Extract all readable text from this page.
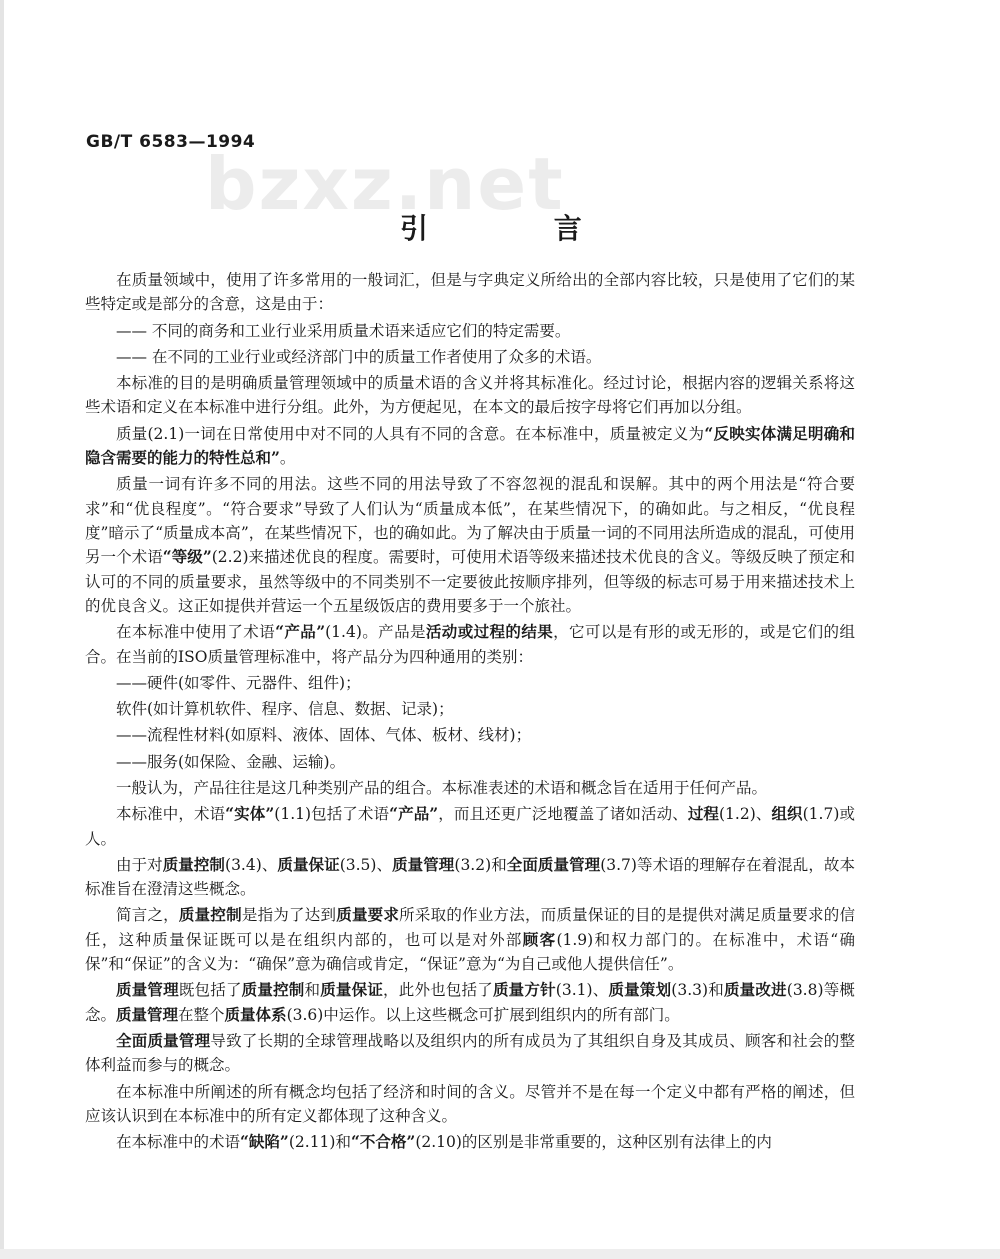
GB/T 6583—1994
bzxz.net
引 言

在质量领域中，使用了许多常用的一般词汇，但是与字典定义所给出的全部内容比较，只是使用了它们的某些特定或是部分的含意，这是由于：

—— 不同的商务和工业行业采用质量术语来适应它们的特定需要。

—— 在不同的工业行业或经济部门中的质量工作者使用了众多的术语。

本标准的目的是明确质量管理领域中的质量术语的含义并将其标准化。经过讨论，根据内容的逻辑关系将这些术语和定义在本标准中进行分组。此外，为方便起见，在本文的最后按字母将它们再加以分组。

质量(2.1)一词在日常使用中对不同的人具有不同的含意。在本标准中，质量被定义为“反映实体满足明确和隐含需要的能力的特性总和”。

质量一词有许多不同的用法。这些不同的用法导致了不容忽视的混乱和误解。其中的两个用法是“符合要求”和“优良程度”。“符合要求”导致了人们认为“质量成本低”，在某些情况下，的确如此。与之相反，“优良程度”暗示了“质量成本高”，在某些情况下，也的确如此。为了解决由于质量一词的不同用法所造成的混乱，可使用另一个术语“等级”(2.2)来描述优良的程度。需要时，可使用术语等级来描述技术优良的含义。等级反映了预定和认可的不同的质量要求，虽然等级中的不同类别不一定要彼此按顺序排列，但等级的标志可易于用来描述技术上的优良含义。这正如提供并营运一个五星级饭店的费用要多于一个旅社。

在本标准中使用了术语“产品”(1.4)。产品是活动或过程的结果，它可以是有形的或无形的，或是它们的组合。在当前的ISO质量管理标准中，将产品分为四种通用的类别：

——硬件(如零件、元器件、组件)；

软件(如计算机软件、程序、信息、数据、记录)；

——流程性材料(如原料、液体、固体、气体、板材、线材)；

——服务(如保险、金融、运输)。

一般认为，产品往往是这几种类别产品的组合。本标准表述的术语和概念旨在适用于任何产品。

本标准中，术语“实体”(1.1)包括了术语“产品”，而且还更广泛地覆盖了诸如活动、过程(1.2)、组织(1.7)或人。

由于对质量控制(3.4)、质量保证(3.5)、质量管理(3.2)和全面质量管理(3.7)等术语的理解存在着混乱，故本标准旨在澄清这些概念。

简言之，质量控制是指为了达到质量要求所采取的作业方法，而质量保证的目的是提供对满足质量要求的信任，这种质量保证既可以是在组织内部的，也可以是对外部顾客(1.9)和权力部门的。在标准中，术语“确保”和“保证”的含义为：“确保”意为确信或肯定，“保证”意为“为自己或他人提供信任”。

质量管理既包括了质量控制和质量保证，此外也包括了质量方针(3.1)、质量策划(3.3)和质量改进(3.8)等概念。质量管理在整个质量体系(3.6)中运作。以上这些概念可扩展到组织内的所有部门。

全面质量管理导致了长期的全球管理战略以及组织内的所有成员为了其组织自身及其成员、顾客和社会的整体利益而参与的概念。

在本标准中所阐述的所有概念均包括了经济和时间的含义。尽管并不是在每一个定义中都有严格的阐述，但应该认识到在本标准中的所有定义都体现了这种含义。

在本标准中的术语“缺陷”(2.11)和“不合格”(2.10)的区别是非常重要的，这种区别有法律上的内
